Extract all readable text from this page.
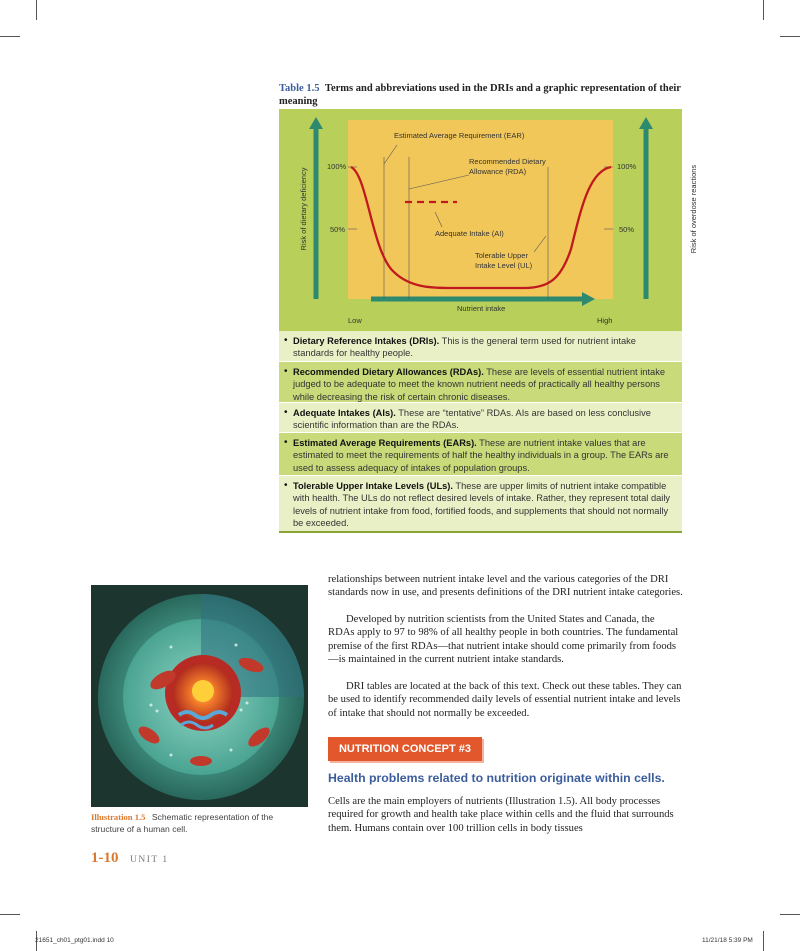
Table 1.5 Terms and abbreviations used in the DRIs and a graphic representation of their meaning
Risk of dietary deficiency	Risk of overdose reactions
100%
50%
100%
50%
Estimated Average Requirement (EAR)
Recommended Dietary
Allowance (RDA)
Adequate Intake (AI)
Tolerable Upper
Intake Level (UL)
Nutrient intake
Low	High
• Dietary Reference Intakes (DRIs). This is the general term used for nutrient intake standards for healthy people.
• Recommended Dietary Allowances (RDAs). These are levels of essential nutrient intake judged to be adequate to meet the known nutrient needs of practically all healthy persons while decreasing the risk of certain chronic diseases.
• Adequate Intakes (AIs). These are “tentative” RDAs. AIs are based on less conclusive scientific information than are the RDAs.
• Estimated Average Requirements (EARs). These are nutrient intake values that are estimated to meet the requirements of half the healthy individuals in a group. The EARs are used to assess adequacy of intakes of population groups.
• Tolerable Upper Intake Levels (ULs). These are upper limits of nutrient intake compatible with health. The ULs do not reflect desired levels of intake. Rather, they represent total daily levels of nutrient intake from food, fortified foods, and supplements that should not normally be exceeded.
Illustration 1.5 Schematic representation of the structure of a human cell.

relationships between nutrient intake level and the various categories of the DRI standards now in use, and presents definitions of the DRI nutrient intake categories.

Developed by nutrition scientists from the United States and Canada, the RDAs apply to 97 to 98% of all healthy people in both countries. The fundamental premise of the first RDAs—that nutrient intake should come primarily from foods—is maintained in the current nutrient intake standards.

DRI tables are located at the back of this text. Check out these tables. They can be used to identify recommended daily levels of essential nutrient intake and levels of intake that should not normally be exceeded.

NUTRITION CONCEPT #3
Health problems related to nutrition originate within cells.

Cells are the main employers of nutrients (Illustration 1.5). All body processes required for growth and health take place within cells and the fluid that surrounds them. Humans contain over 100 trillion cells in body tissues

1-10 UNIT 1
21651_ch01_ptg01.indd 10	11/21/18 5:39 PM
